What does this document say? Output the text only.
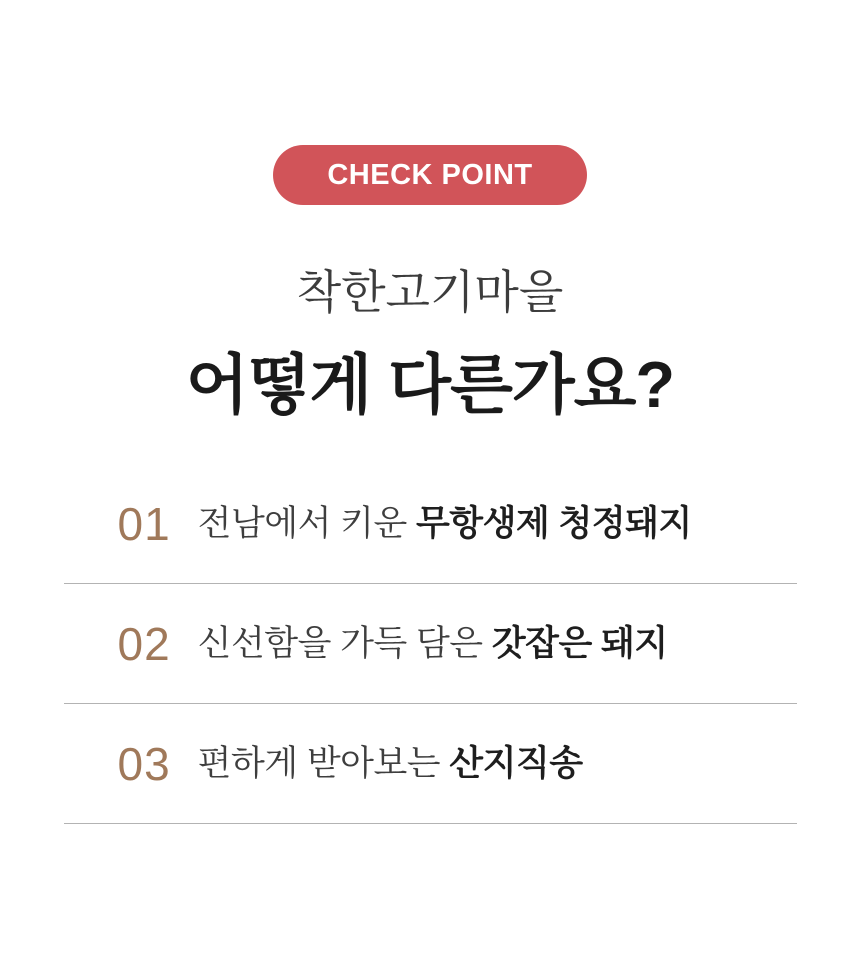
CHECK POINT
착한고기마을
어떻게 다른가요?
01 전남에서 키운 무항생제 청정돼지
02 신선함을 가득 담은 갓잡은 돼지
03 편하게 받아보는 산지직송
